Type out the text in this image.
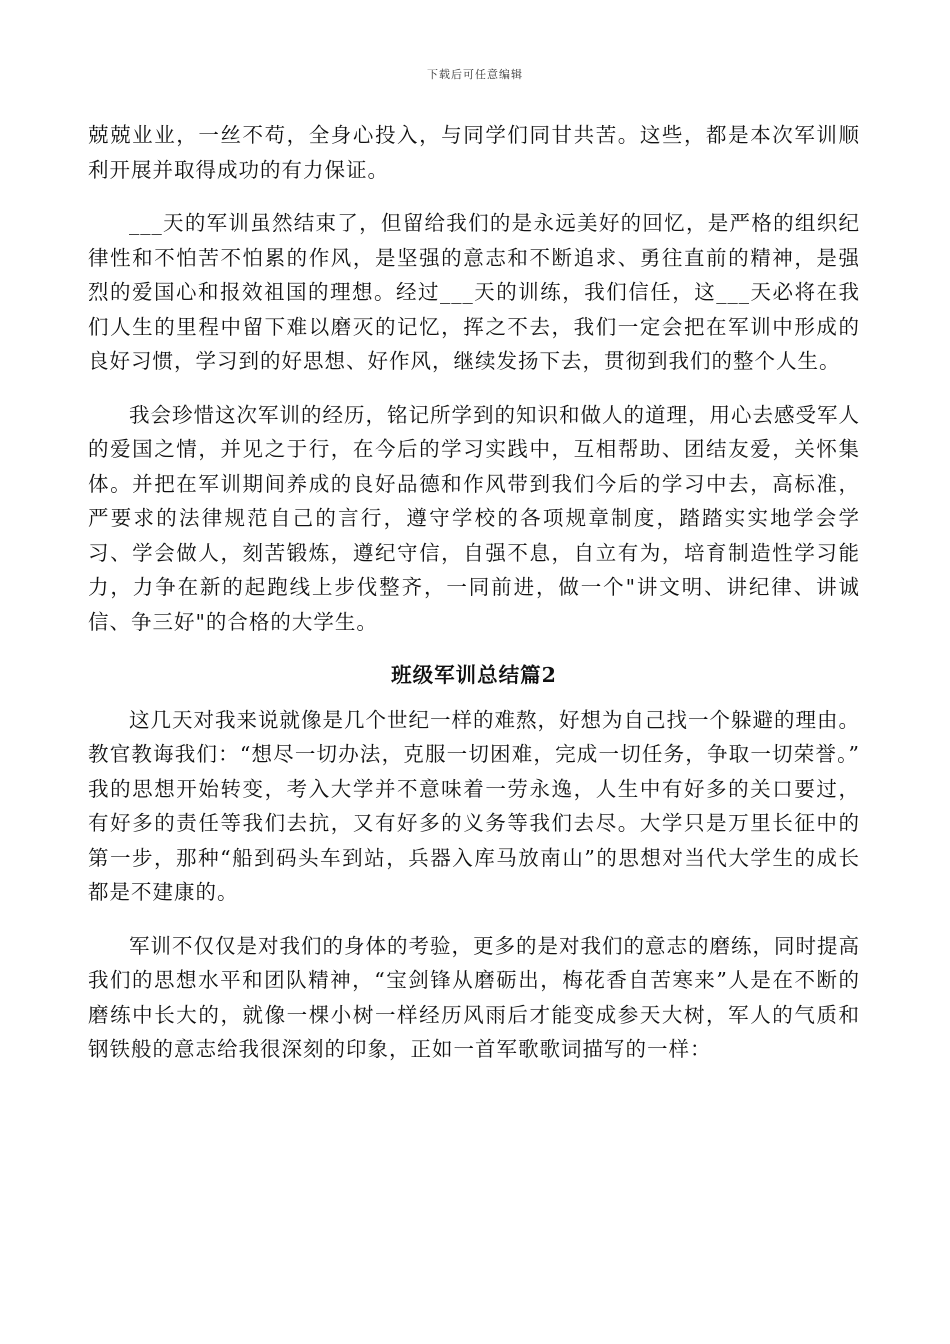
下载后可任意编辑

兢兢业业，一丝不苟，全身心投入，与同学们同甘共苦。这些，都是本次军训顺利开展并取得成功的有力保证。

___天的军训虽然结束了，但留给我们的是永远美好的回忆，是严格的组织纪律性和不怕苦不怕累的作风，是坚强的意志和不断追求、勇往直前的精神，是强烈的爱国心和报效祖国的理想。经过___天的训练，我们信任，这___天必将在我们人生的里程中留下难以磨灭的记忆，挥之不去，我们一定会把在军训中形成的良好习惯，学习到的好思想、好作风，继续发扬下去，贯彻到我们的整个人生。

我会珍惜这次军训的经历，铭记所学到的知识和做人的道理，用心去感受军人的爱国之情，并见之于行，在今后的学习实践中，互相帮助、团结友爱，关怀集体。并把在军训期间养成的良好品德和作风带到我们今后的学习中去，高标准，严要求的法律规范自己的言行，遵守学校的各项规章制度，踏踏实实地学会学习、学会做人，刻苦锻炼，遵纪守信，自强不息，自立有为，培育制造性学习能力，力争在新的起跑线上步伐整齐，一同前进，做一个"讲文明、讲纪律、讲诚信、争三好"的合格的大学生。

班级军训总结篇2

这几天对我来说就像是几个世纪一样的难熬，好想为自己找一个躲避的理由。教官教诲我们：“想尽一切办法，克服一切困难，完成一切任务，争取一切荣誉。” 我的思想开始转变，考入大学并不意味着一劳永逸，人生中有好多的关口要过，有好多的责任等我们去抗，又有好多的义务等我们去尽。大学只是万里长征中的第一步，那种“船到码头车到站，兵器入库马放南山”的思想对当代大学生的成长都是不建康的。

军训不仅仅是对我们的身体的考验，更多的是对我们的意志的磨练，同时提高我们的思想水平和团队精神，“宝剑锋从磨砺出，梅花香自苦寒来”人是在不断的磨练中长大的，就像一棵小树一样经历风雨后才能变成参天大树，军人的气质和钢铁般的意志给我很深刻的印象，正如一首军歌歌词描写的一样：
